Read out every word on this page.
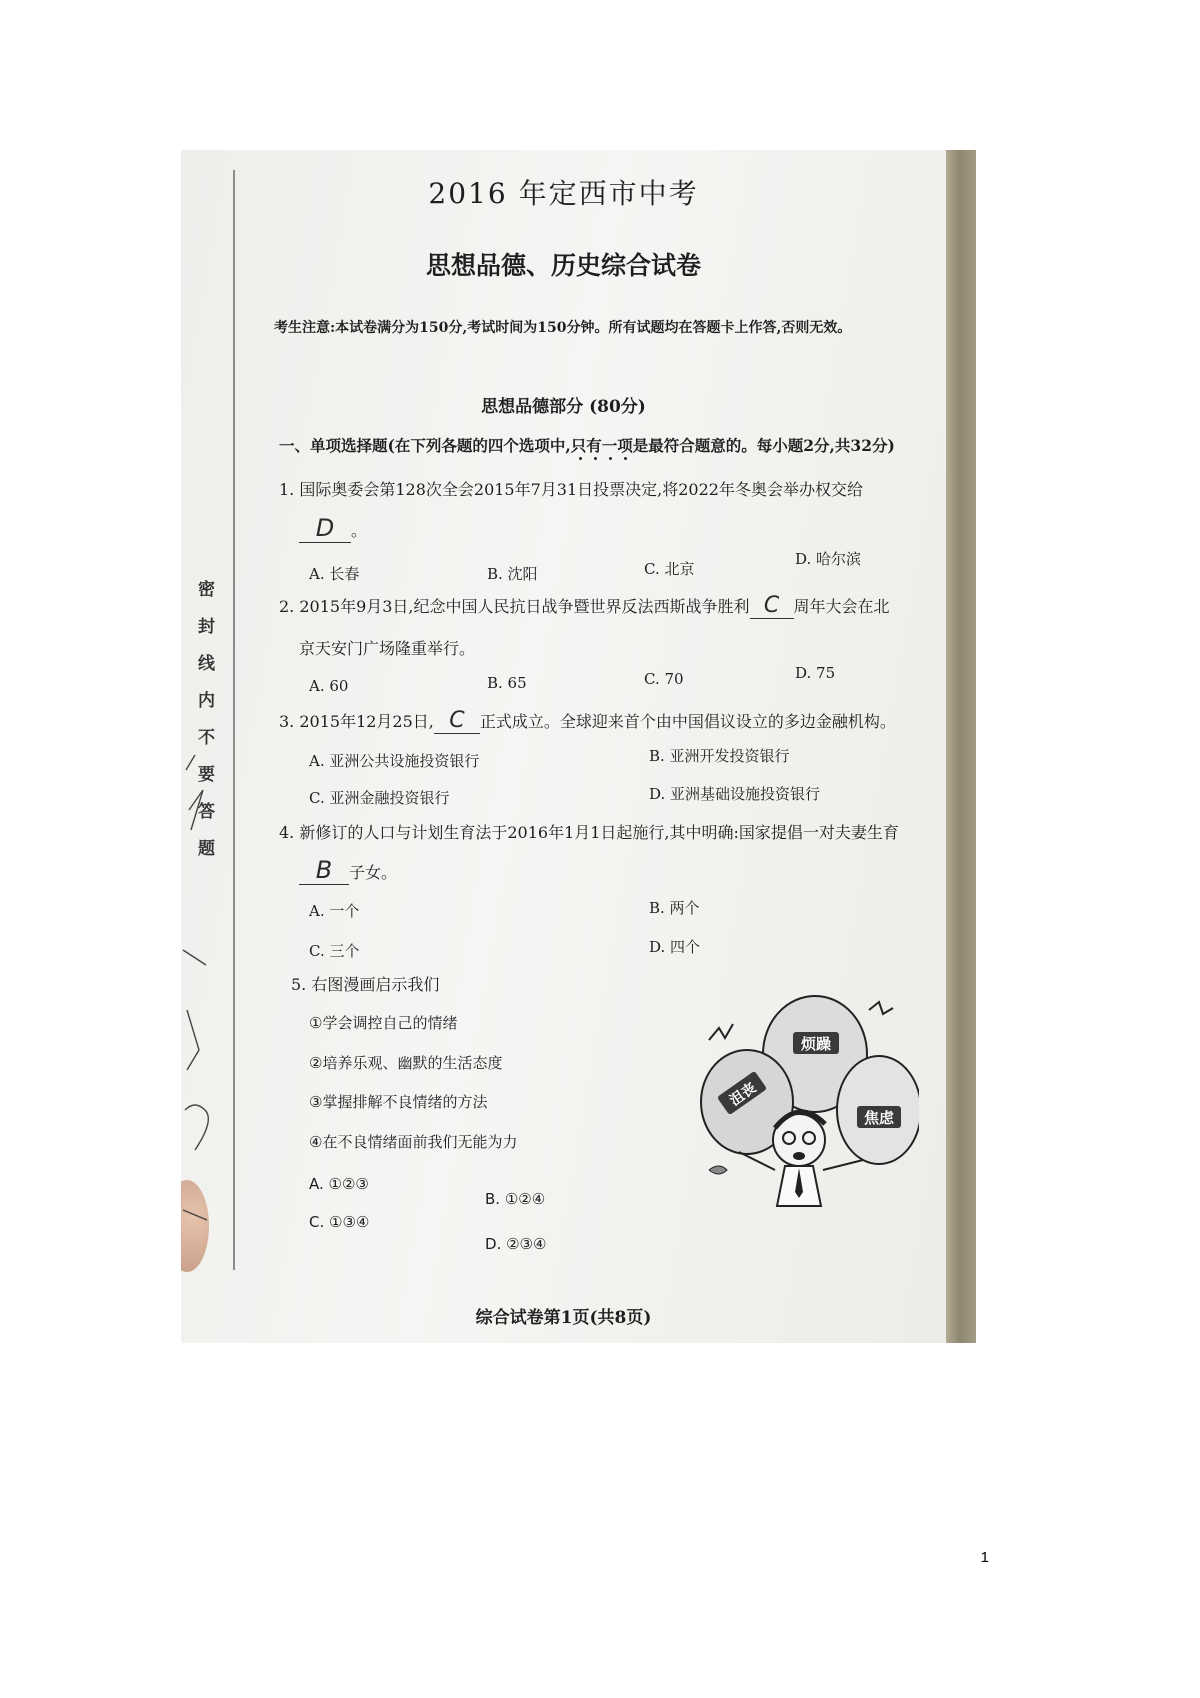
密封线内不要答题
2016 年定西市中考
思想品德、历史综合试卷
考生注意:本试卷满分为150分,考试时间为150分钟。所有试题均在答题卡上作答,否则无效。
思想品德部分 (80分)
一、单项选择题(在下列各题的四个选项中,只有一项是最符合题意的。每小题2分,共32分)
1. 国际奥委会第128次全会2015年7月31日投票决定,将2022年冬奥会举办权交给
D 。
A. 长春	B. 沈阳	C. 北京
D. 哈尔滨
2. 2015年9月3日,纪念中国人民抗日战争暨世界反法西斯战争胜利 C 周年大会在北
京天安门广场隆重举行。
A. 60	B. 65	C. 70	D. 75
3. 2015年12月25日, C 正式成立。全球迎来首个由中国倡议设立的多边金融机构。
A. 亚洲公共设施投资银行	B. 亚洲开发投资银行
C. 亚洲金融投资银行	D. 亚洲基础设施投资银行
4. 新修订的人口与计划生育法于2016年1月1日起施行,其中明确:国家提倡一对夫妻生育
B 子女。
A. 一个	B. 两个
C. 三个	D. 四个
5. 右图漫画启示我们
①学会调控自己的情绪
②培养乐观、幽默的生活态度
③掌握排解不良情绪的方法
④在不良情绪面前我们无能为力
A. ①②③
B. ①②④
C. ①③④
D. ②③④
烦躁
焦虑
沮丧
综合试卷第1页(共8页)
1
